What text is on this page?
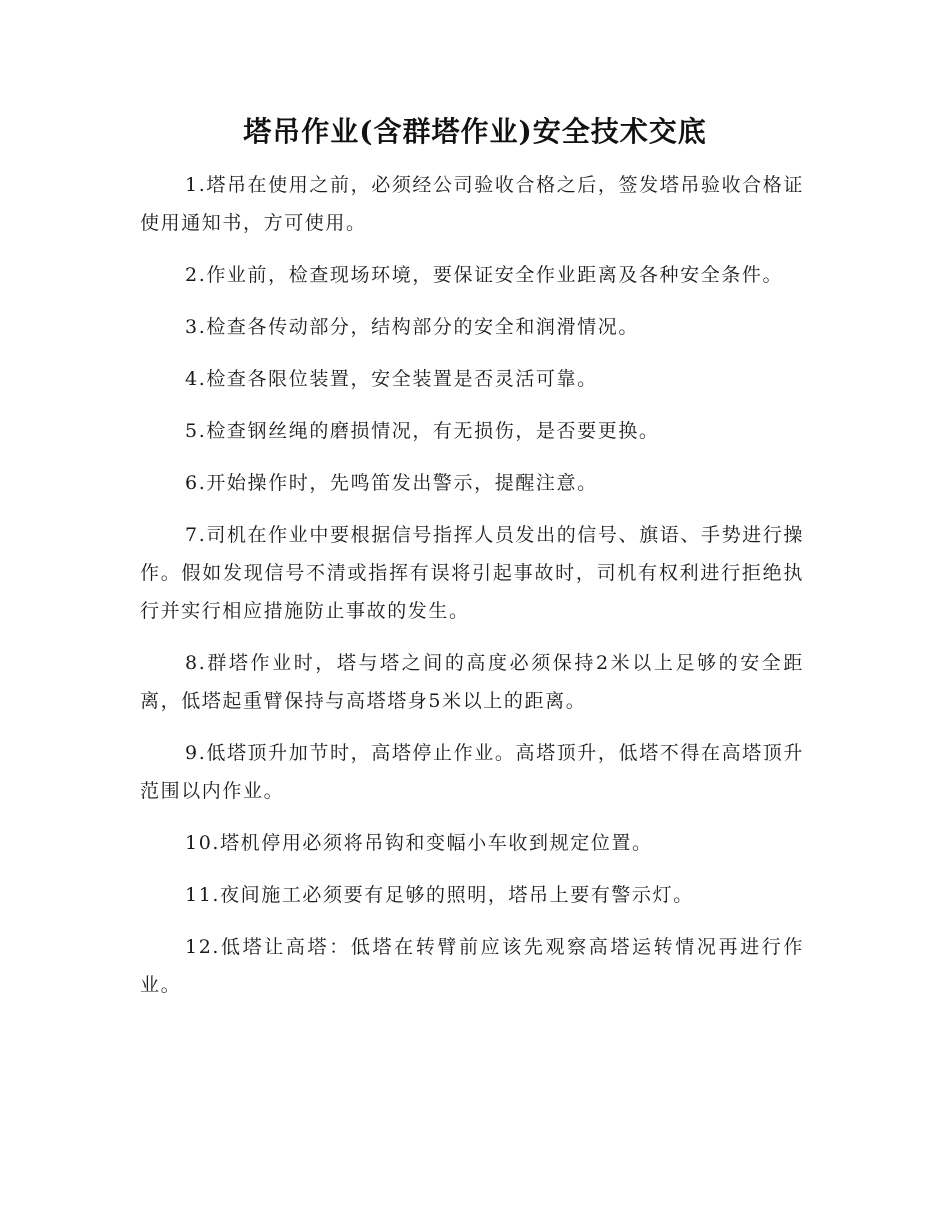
塔吊作业(含群塔作业)安全技术交底

1.塔吊在使用之前，必须经公司验收合格之后，签发塔吊验收合格证使用通知书，方可使用。

2.作业前，检查现场环境，要保证安全作业距离及各种安全条件。

3.检查各传动部分，结构部分的安全和润滑情况。

4.检查各限位装置，安全装置是否灵活可靠。

5.检查钢丝绳的磨损情况，有无损伤，是否要更换。

6.开始操作时，先鸣笛发出警示，提醒注意。

7.司机在作业中要根据信号指挥人员发出的信号、旗语、手势进行操作。假如发现信号不清或指挥有误将引起事故时，司机有权利进行拒绝执行并实行相应措施防止事故的发生。

8.群塔作业时，塔与塔之间的高度必须保持2米以上足够的安全距离，低塔起重臂保持与高塔塔身5米以上的距离。

9.低塔顶升加节时，高塔停止作业。高塔顶升，低塔不得在高塔顶升范围以内作业。

10.塔机停用必须将吊钩和变幅小车收到规定位置。

11.夜间施工必须要有足够的照明，塔吊上要有警示灯。

12.低塔让高塔：低塔在转臂前应该先观察高塔运转情况再进行作业。
